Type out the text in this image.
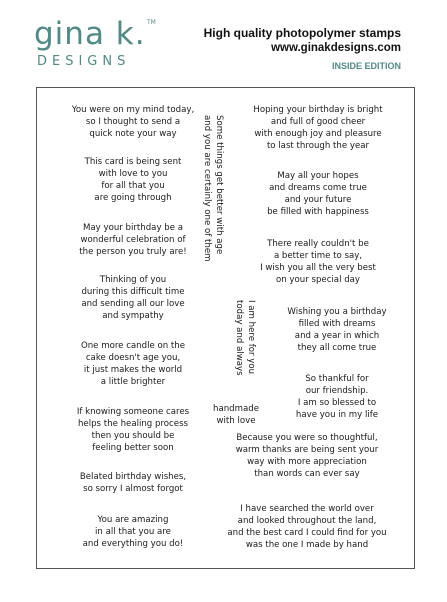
gina k. TM
DESIGNS
High quality photopolymer stamps
www.ginakdesigns.com
INSIDE EDITION
You were on my mind today,
so I thought to send a
quick note your way
This card is being sent
with love to you
for all that you
are going through
May your birthday be a
wonderful celebration of
the person you truly are!
Thinking of you
during this difficult time
and sending all our love
and sympathy
One more candle on the
cake doesn't age you,
it just makes the world
a little brighter
If knowing someone cares
helps the healing process
then you should be
feeling better soon
Belated birthday wishes,
so sorry I almost forgot
You are amazing
in all that you are
and everything you do!
Some things get better with age
and you are certainly one of them
I am here for you
today and always
handmade
with love
Hoping your birthday is bright
and full of good cheer
with enough joy and pleasure
to last through the year
May all your hopes
and dreams come true
and your future
be filled with happiness
There really couldn't be
a better time to say,
I wish you all the very best
on your special day
Wishing you a birthday
filled with dreams
and a year in which
they all come true
So thankful for
our friendship.
I am so blessed to
have you in my life
Because you were so thoughtful,
warm thanks are being sent your
way with more appreciation
than words can ever say
I have searched the world over
and looked throughout the land,
and the best card I could find for you
was the one I made by hand
